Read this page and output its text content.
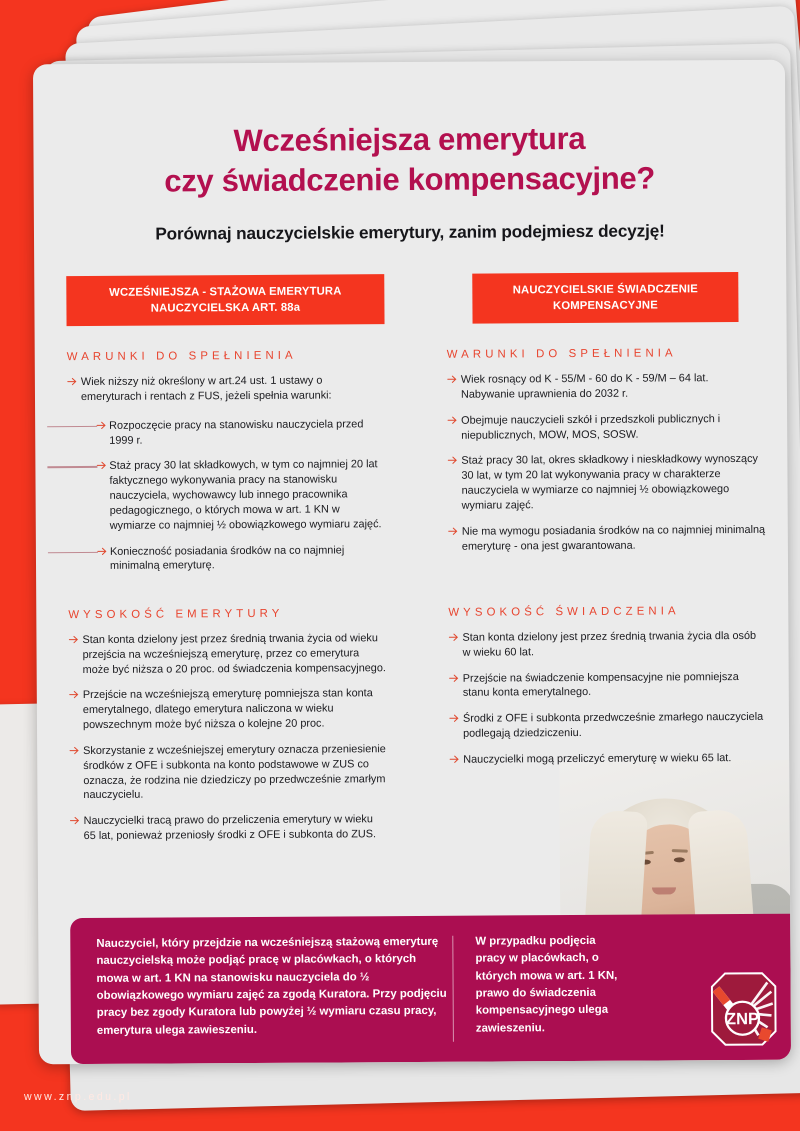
Wcześniejsza emerytura
czy świadczenie kompensacyjne?
Porównaj nauczycielskie emerytury, zanim podejmiesz decyzję!
WCZEŚNIEJSZA - STAŻOWA EMERYTURA
NAUCZYCIELSKA ART. 88a
WARUNKI DO SPEŁNIENIA
Wiek niższy niż określony w art.24 ust. 1 ustawy o emeryturach i rentach z FUS, jeżeli spełnia warunki:
Rozpoczęcie pracy na stanowisku nauczyciela przed 1999 r.
Staż pracy 30 lat składkowych, w tym co najmniej 20 lat faktycznego wykonywania pracy na stanowisku nauczyciela, wychowawcy lub innego pracownika pedagogicznego, o których mowa w art. 1 KN w wymiarze co najmniej ½ obowiązkowego wymiaru zajęć.
Konieczność posiadania środków na co najmniej minimalną emeryturę.
NAUCZYCIELSKIE ŚWIADCZENIE
KOMPENSACYJNE
WARUNKI DO SPEŁNIENIA
Wiek rosnący od K - 55/M - 60 do K - 59/M – 64 lat. Nabywanie uprawnienia do 2032 r.
Obejmuje nauczycieli szkół i przedszkoli publicznych i niepublicznych, MOW, MOS, SOSW.
Staż pracy 30 lat, okres składkowy i nieskładkowy wynoszący 30 lat, w tym 20 lat wykonywania pracy w charakterze nauczyciela w wymiarze co najmniej ½ obowiązkowego wymiaru zajęć.
Nie ma wymogu posiadania środków na co najmniej minimalną emeryturę - ona jest gwarantowana.
WYSOKOŚĆ EMERYTURY
Stan konta dzielony jest przez średnią trwania życia od wieku przejścia na wcześniejszą emeryturę, przez co emerytura może być niższa o 20 proc. od świadczenia kompensacyjnego.
Przejście na wcześniejszą emeryturę pomniejsza stan konta emerytalnego, dlatego emerytura naliczona w wieku powszechnym może być niższa o kolejne 20 proc.
Skorzystanie z wcześniejszej emerytury oznacza przeniesienie środków z OFE i subkonta na konto podstawowe w ZUS co oznacza, że rodzina nie dziedziczy po przedwcześnie zmarłym nauczycielu.
Nauczycielki tracą prawo do przeliczenia emerytury w wieku 65 lat, ponieważ przeniosły środki z OFE i subkonta do ZUS.
WYSOKOŚĆ ŚWIADCZENIA
Stan konta dzielony jest przez średnią trwania życia dla osób w wieku 60 lat.
Przejście na świadczenie kompensacyjne nie pomniejsza stanu konta emerytalnego.
Środki z OFE i subkonta przedwcześnie zmarłego nauczyciela podlegają dziedziczeniu.
Nauczycielki mogą przeliczyć emeryturę w wieku 65 lat.
Nauczyciel, który przejdzie na wcześniejszą stażową emeryturę nauczycielską może podjąć pracę w placówkach, o których mowa w art. 1 KN na stanowisku nauczyciela do ½ obowiązkowego wymiaru zajęć za zgodą Kuratora. Przy podjęciu pracy bez zgody Kuratora lub powyżej ½ wymiaru czasu pracy, emerytura ulega zawieszeniu.
W przypadku podjęcia pracy w placówkach, o których mowa w art. 1 KN, prawo do świadczenia kompensacyjnego ulega zawieszeniu.	ZNP
www.znp.edu.pl
